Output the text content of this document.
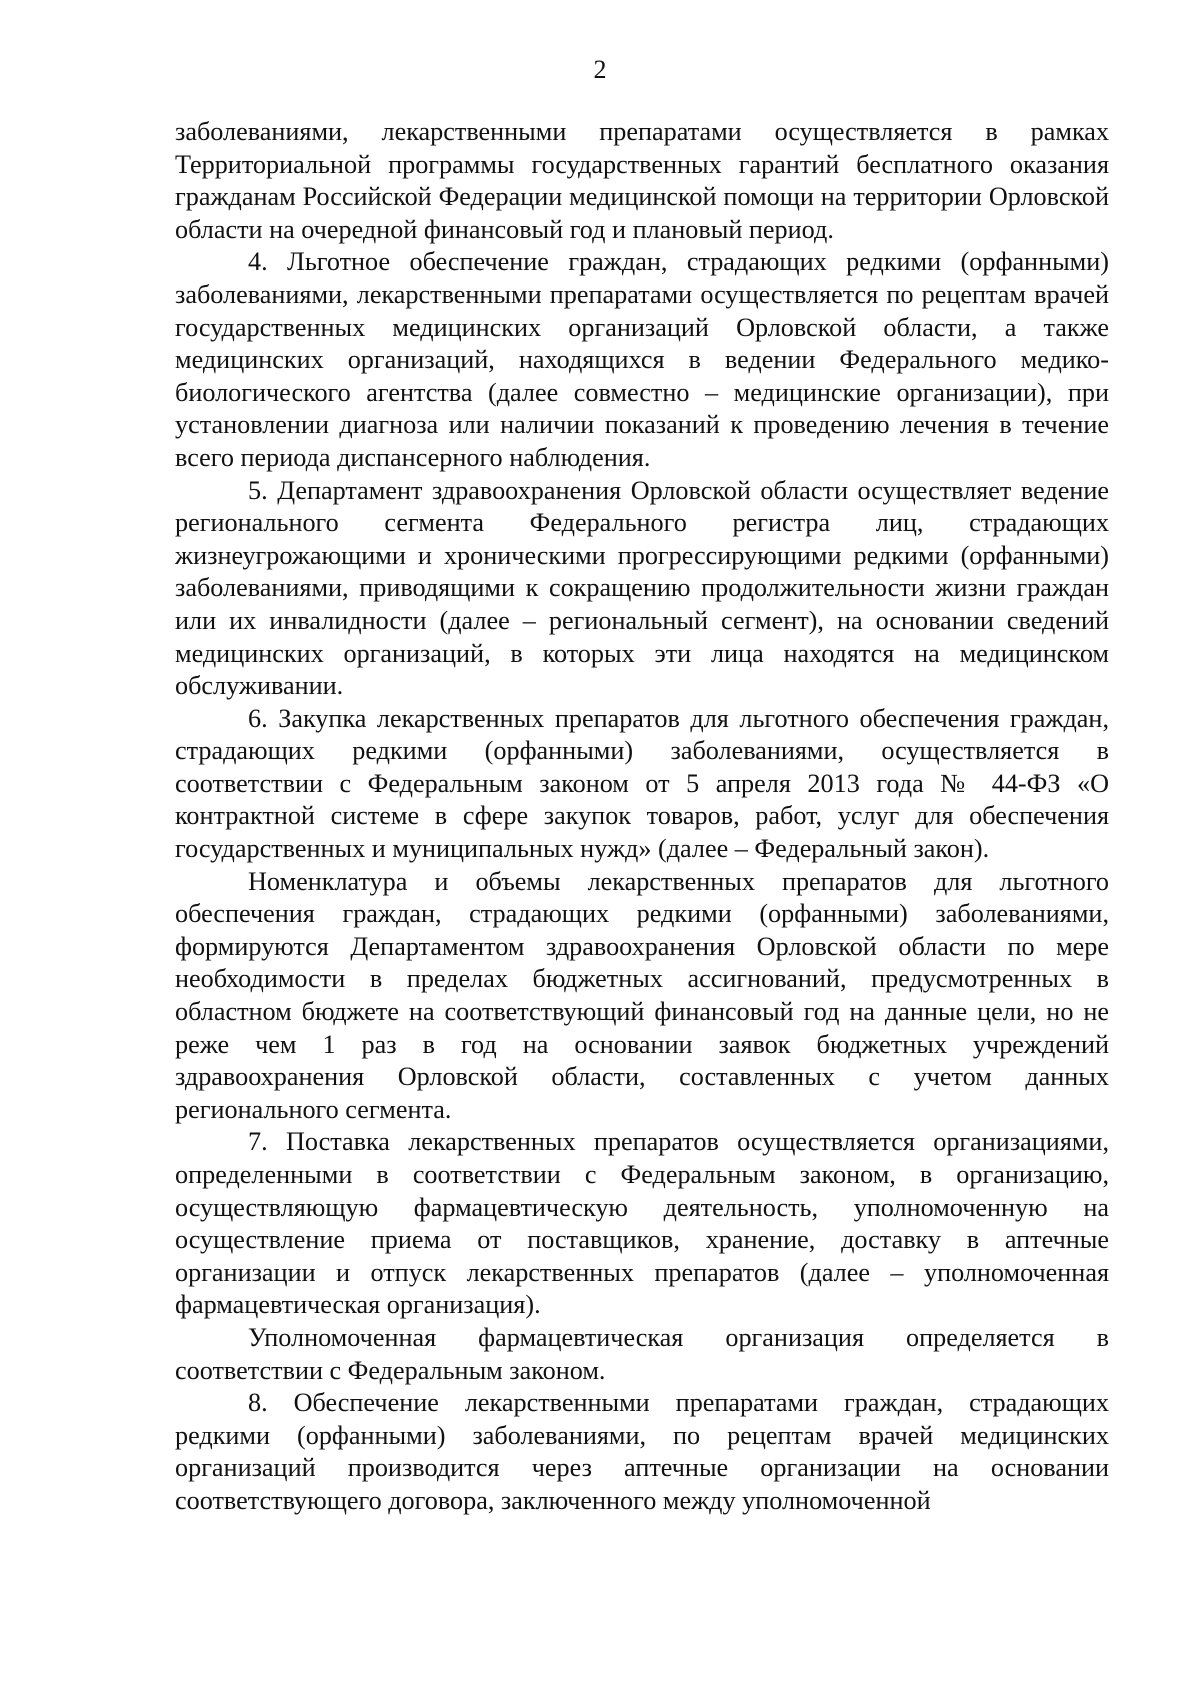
2

заболеваниями, лекарственными препаратами осуществляется в рамках Территориальной программы государственных гарантий бесплатного оказания гражданам Российской Федерации медицинской помощи на территории Орловской области на очередной финансовый год и плановый период.

4. Льготное обеспечение граждан, страдающих редкими (орфанными) заболеваниями, лекарственными препаратами осуществляется по рецептам врачей государственных медицинских организаций Орловской области, а также медицинских организаций, находящихся в ведении Федерального медико-биологического агентства (далее совместно – медицинские организации), при установлении диагноза или наличии показаний к проведению лечения в течение всего периода диспансерного наблюдения.

5. Департамент здравоохранения Орловской области осуществляет ведение регионального сегмента Федерального регистра лиц, страдающих жизнеугрожающими и хроническими прогрессирующими редкими (орфанными) заболеваниями, приводящими к сокращению продолжительности жизни граждан или их инвалидности (далее – региональный сегмент), на основании сведений медицинских организаций, в которых эти лица находятся на медицинском обслуживании.

6. Закупка лекарственных препаратов для льготного обеспечения граждан, страдающих редкими (орфанными) заболеваниями, осуществляется в соответствии с Федеральным законом от 5 апреля 2013 года № 44-ФЗ «О контрактной системе в сфере закупок товаров, работ, услуг для обеспечения государственных и муниципальных нужд» (далее – Федеральный закон).

Номенклатура и объемы лекарственных препаратов для льготного обеспечения граждан, страдающих редкими (орфанными) заболеваниями, формируются Департаментом здравоохранения Орловской области по мере необходимости в пределах бюджетных ассигнований, предусмотренных в областном бюджете на соответствующий финансовый год на данные цели, но не реже чем 1 раз в год на основании заявок бюджетных учреждений здравоохранения Орловской области, составленных с учетом данных регионального сегмента.

7. Поставка лекарственных препаратов осуществляется организациями, определенными в соответствии с Федеральным законом, в организацию, осуществляющую фармацевтическую деятельность, уполномоченную на осуществление приема от поставщиков, хранение, доставку в аптечные организации и отпуск лекарственных препаратов (далее – уполномоченная фармацевтическая организация).

Уполномоченная фармацевтическая организация определяется в соответствии с Федеральным законом.

8. Обеспечение лекарственными препаратами граждан, страдающих редкими (орфанными) заболеваниями, по рецептам врачей медицинских организаций производится через аптечные организации на основании соответствующего договора, заключенного между уполномоченной
